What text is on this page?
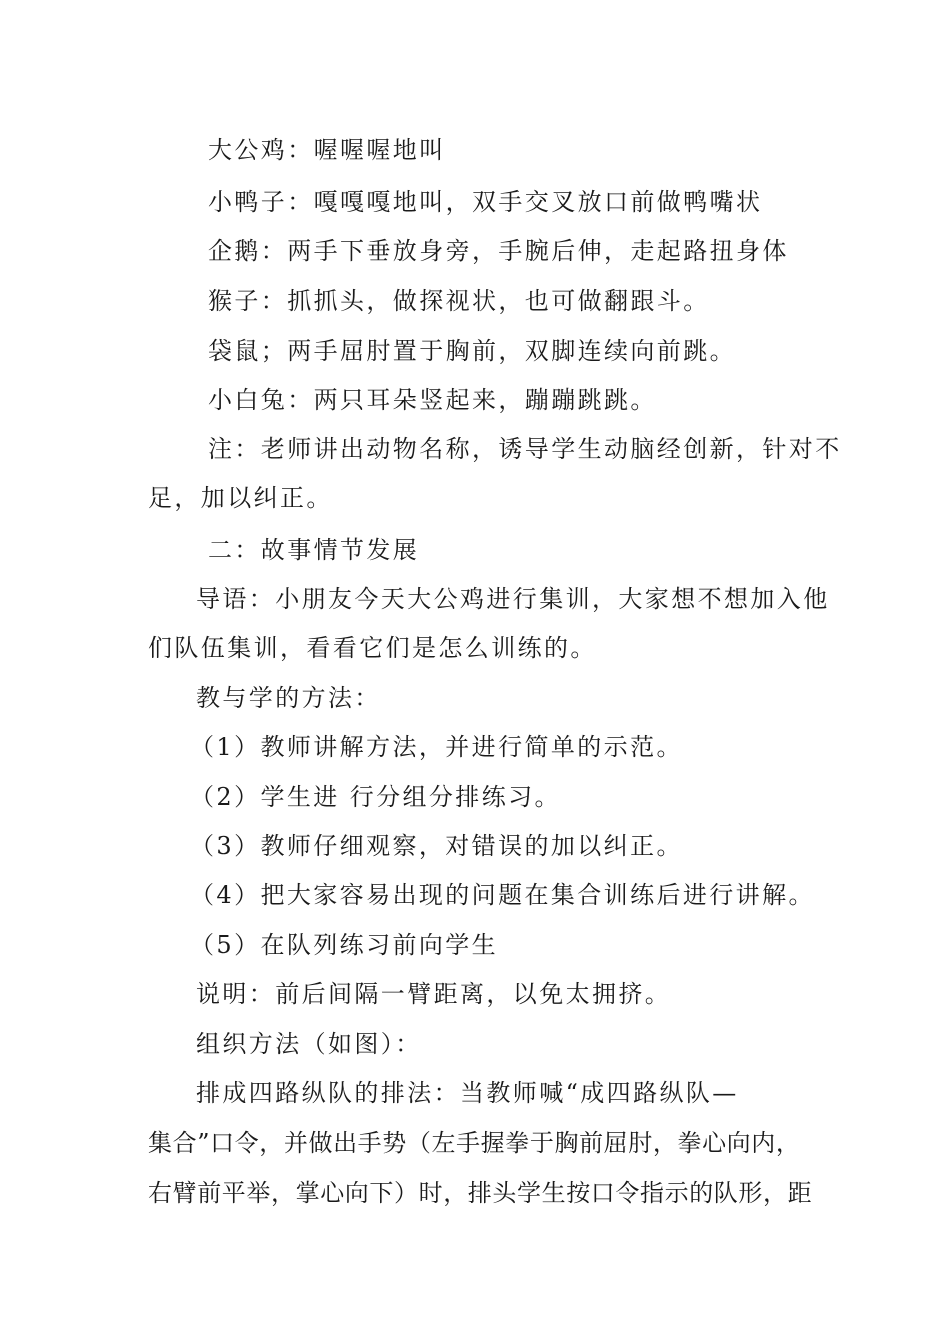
大公鸡：喔喔喔地叫
小鸭子：嘎嘎嘎地叫，双手交叉放口前做鸭嘴状
企鹅：两手下垂放身旁，手腕后伸，走起路扭身体
猴子：抓抓头，做探视状，也可做翻跟斗。
袋鼠；两手屈肘置于胸前，双脚连续向前跳。
小白兔：两只耳朵竖起来，蹦蹦跳跳。
注：老师讲出动物名称，诱导学生动脑经创新，针对不
足，加以纠正。
二：故事情节发展
导语：小朋友今天大公鸡进行集训，大家想不想加入他
们队伍集训，看看它们是怎么训练的。
教与学的方法：
（1）教师讲解方法，并进行简单的示范。
（2）学生进 行分组分排练习。
（3）教师仔细观察，对错误的加以纠正。
（4）把大家容易出现的问题在集合训练后进行讲解。
（5）在队列练习前向学生
说明：前后间隔一臂距离，以免太拥挤。
组织方法（如图）：
排成四路纵队的排法：当教师喊“成四路纵队—
集合”口令，并做出手势（左手握拳于胸前屈肘，拳心向内，
右臂前平举，掌心向下）时，排头学生按口令指示的队形，距
